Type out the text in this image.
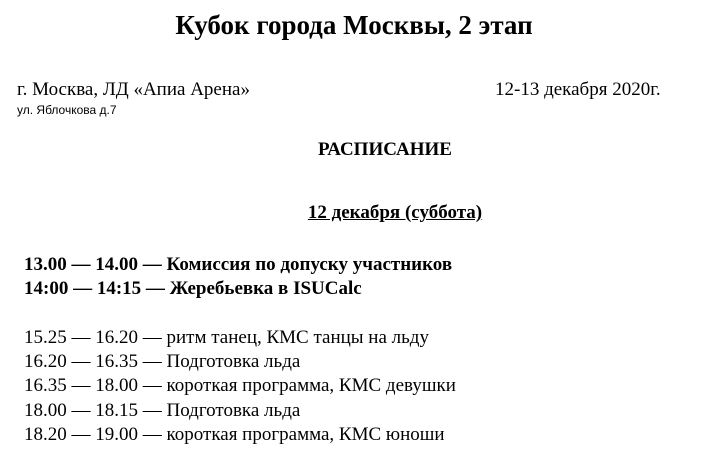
Кубок города Москвы, 2 этап
г. Москва, ЛД «Апиа Арена»	12-13 декабря 2020г.
ул. Яблочкова д.7
РАСПИСАНИЕ
12 декабря (суббота)
13.00 — 14.00 — Комиссия по допуску участников
14:00 — 14:15 — Жеребьевка в ISUCalc
15.25 — 16.20 — ритм танец, КМС танцы на льду
16.20 — 16.35 — Подготовка льда
16.35 — 18.00 — короткая программа, КМС девушки
18.00 — 18.15 — Подготовка льда
18.20 — 19.00 — короткая программа, КМС юноши
